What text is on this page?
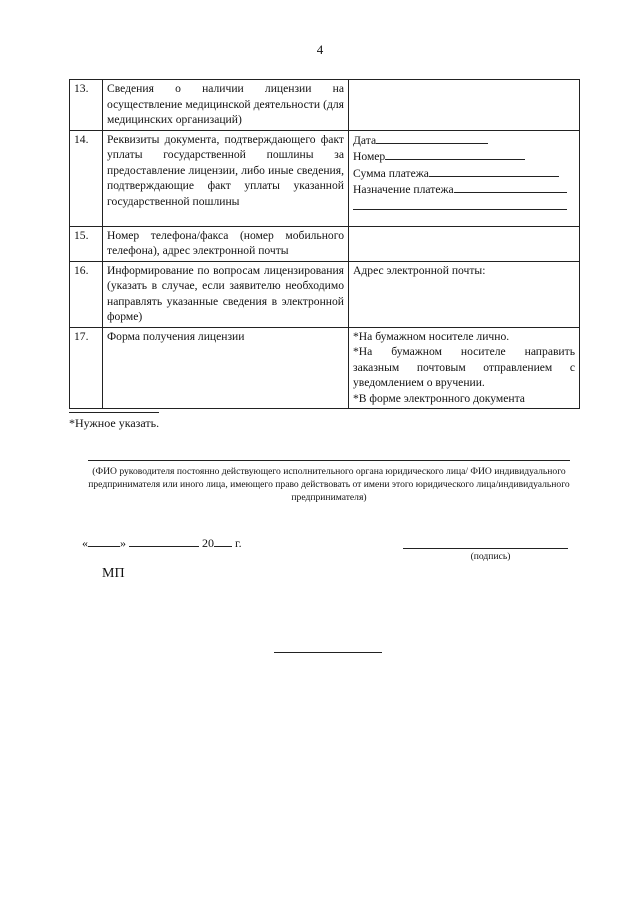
4
13.	Сведения о наличии лицензии на осуществление медицинской деятельности (для медицинских организаций)	
14.	Реквизиты документа, подтверждающего факт уплаты государственной пошлины за предоставление лицензии, либо иные сведения, подтверждающие факт уплаты указанной государственной пошлины	Дата
Номер
Сумма платежа
Назначение платежа

15.	Номер телефона/факса (номер мобильного телефона), адрес электронной почты	
16.	Информирование по вопросам лицензирования (указать в случае, если заявителю необходимо направлять указанные сведения в электронной форме)	Адрес электронной почты:

17.	Форма получения лицензии	*На бумажном носителе лично.
*На бумажном носителе направить заказным почтовым отправлением с уведомлением о вручении.
*В форме электронного документа
*Нужное указать.
(ФИО руководителя постоянно действующего исполнительного органа юридического лица/ ФИО индивидуального предпринимателя или иного лица, имеющего право действовать от имени этого юридического лица/индивидуального предпринимателя)
«	»	20 г.
(подпись)
МП
